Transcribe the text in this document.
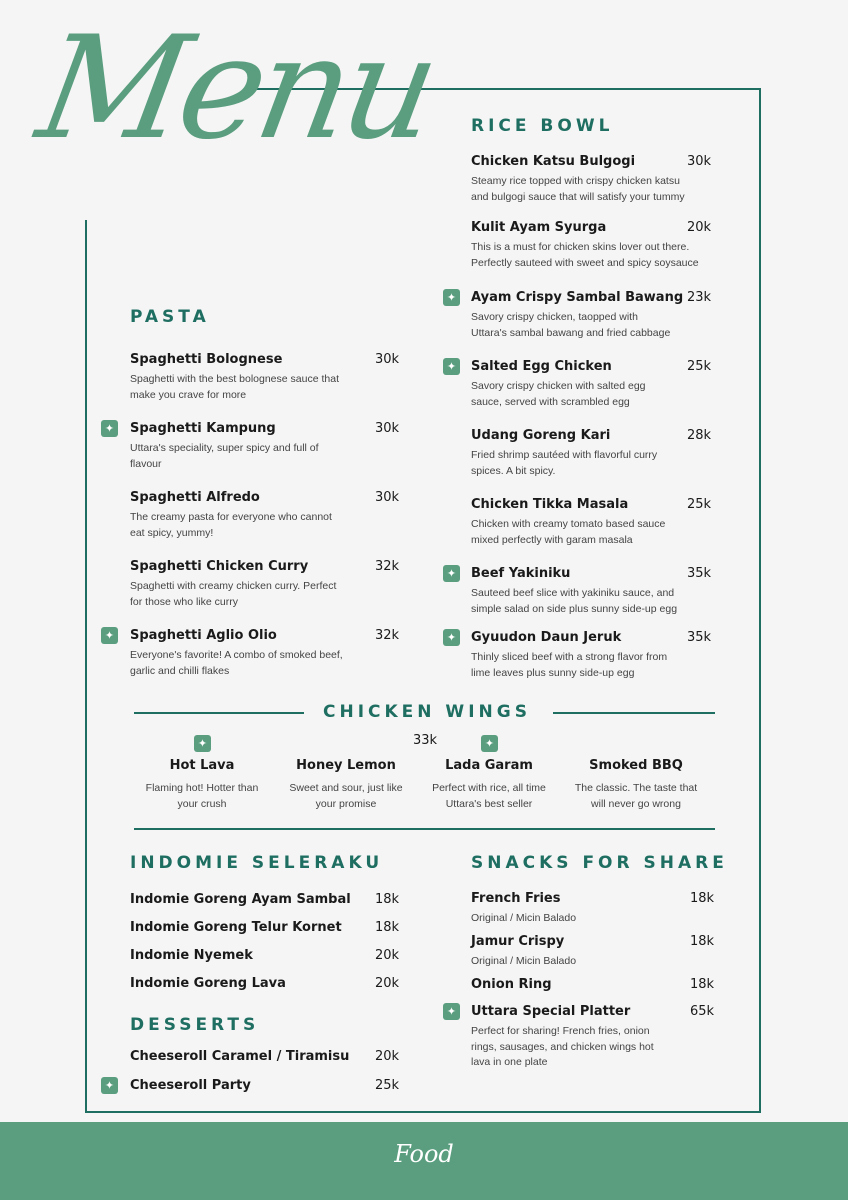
Menu RICE BOWL
Chicken Katsu Bulgogi
Steamy rice topped with crispy chicken katsu
and bulgogi sauce that will satisfy your tummy
30k
Kulit Ayam Syurga
This is a must for chicken skins lover out there.
Perfectly sauteed with sweet and spicy soysauce
20k
Ayam Crispy Sambal Bawang
Savory crispy chicken, taopped with
Uttara's sambal bawang and fried cabbage
23k
Salted Egg Chicken
Savory crispy chicken with salted egg
sauce, served with scrambled egg
25k
Udang Goreng Kari
Fried shrimp sautéed with flavorful curry
spices. A bit spicy.
28k
Chicken Tikka Masala
Chicken with creamy tomato based sauce
mixed perfectly with garam masala
25k
Beef Yakiniku
Sauteed beef slice with yakiniku sauce, and
simple salad on side plus sunny side-up egg
35k
Gyuudon Daun Jeruk
Thinly sliced beef with a strong flavor from
lime leaves plus sunny side-up egg
35k
PASTA
Spaghetti Bolognese
Spaghetti with the best bolognese sauce that
make you crave for more
30k
Spaghetti Kampung
Uttara's speciality, super spicy and full of
flavour
30k
Spaghetti Alfredo
The creamy pasta for everyone who cannot
eat spicy, yummy!
30k
Spaghetti Chicken Curry
Spaghetti with creamy chicken curry. Perfect
for those who like curry
32k
Spaghetti Aglio Olio
Everyone's favorite! A combo of smoked beef,
garlic and chilli flakes
32k
CHICKEN WINGS
33k
Hot Lava
Flaming hot! Hotter than
your crush
Honey Lemon
Sweet and sour, just like
your promise
Lada Garam
Perfect with rice, all time
Uttara's best seller
Smoked BBQ
The classic. The taste that
will never go wrong
INDOMIE SELERAKU
Indomie Goreng Ayam Sambal	18k
Indomie Goreng Telur Kornet	18k
Indomie Nyemek	20k
Indomie Goreng Lava	20k
DESSERTS
Cheeseroll Caramel / Tiramisu	20k
Cheeseroll Party	25k
SNACKS FOR SHARE
French Fries
Original / Micin Balado
18k
Jamur Crispy
Original / Micin Balado
18k
Onion Ring	18k
Uttara Special Platter
Perfect for sharing! French fries, onion
rings, sausages, and chicken wings hot
lava in one plate
65k
Food
✦
✦
✦
✦
✦
✦
✦
✦
✦	✦
